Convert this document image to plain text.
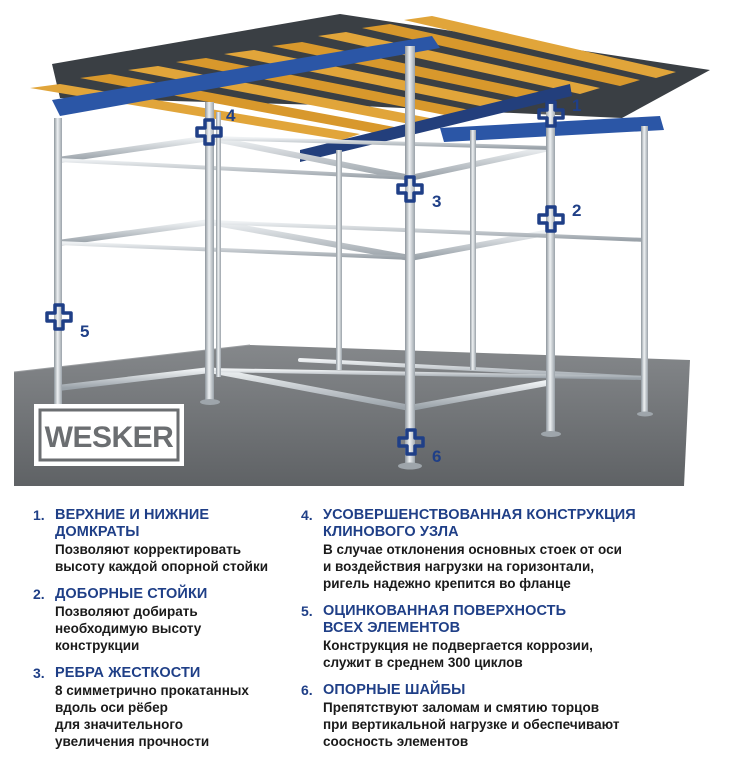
1
2
3
4
5
6
WESKER
1. ВЕРХНИЕ И НИЖНИЕ
ДОМКРАТЫ
Позволяют корректировать
высоту каждой опорной стойки
2. ДОБОРНЫЕ СТОЙКИ
Позволяют добирать
необходимую высоту
конструкции
3. РЕБРА ЖЕСТКОСТИ
8 симметрично прокатанных
вдоль оси рёбер
для значительного
увеличения прочности
4. УСОВЕРШЕНСТВОВАННАЯ КОНСТРУКЦИЯ
КЛИНОВОГО УЗЛА
В случае отклонения основных стоек от оси
и воздействия нагрузки на горизонтали,
ригель надежно крепится во фланце
5. ОЦИНКОВАННАЯ ПОВЕРХНОСТЬ
ВСЕХ ЭЛЕМЕНТОВ
Конструкция не подвергается коррозии,
служит в среднем 300 циклов
6. ОПОРНЫЕ ШАЙБЫ
Препятствуют заломам и смятию торцов
при вертикальной нагрузке и обеспечивают
соосность элементов
